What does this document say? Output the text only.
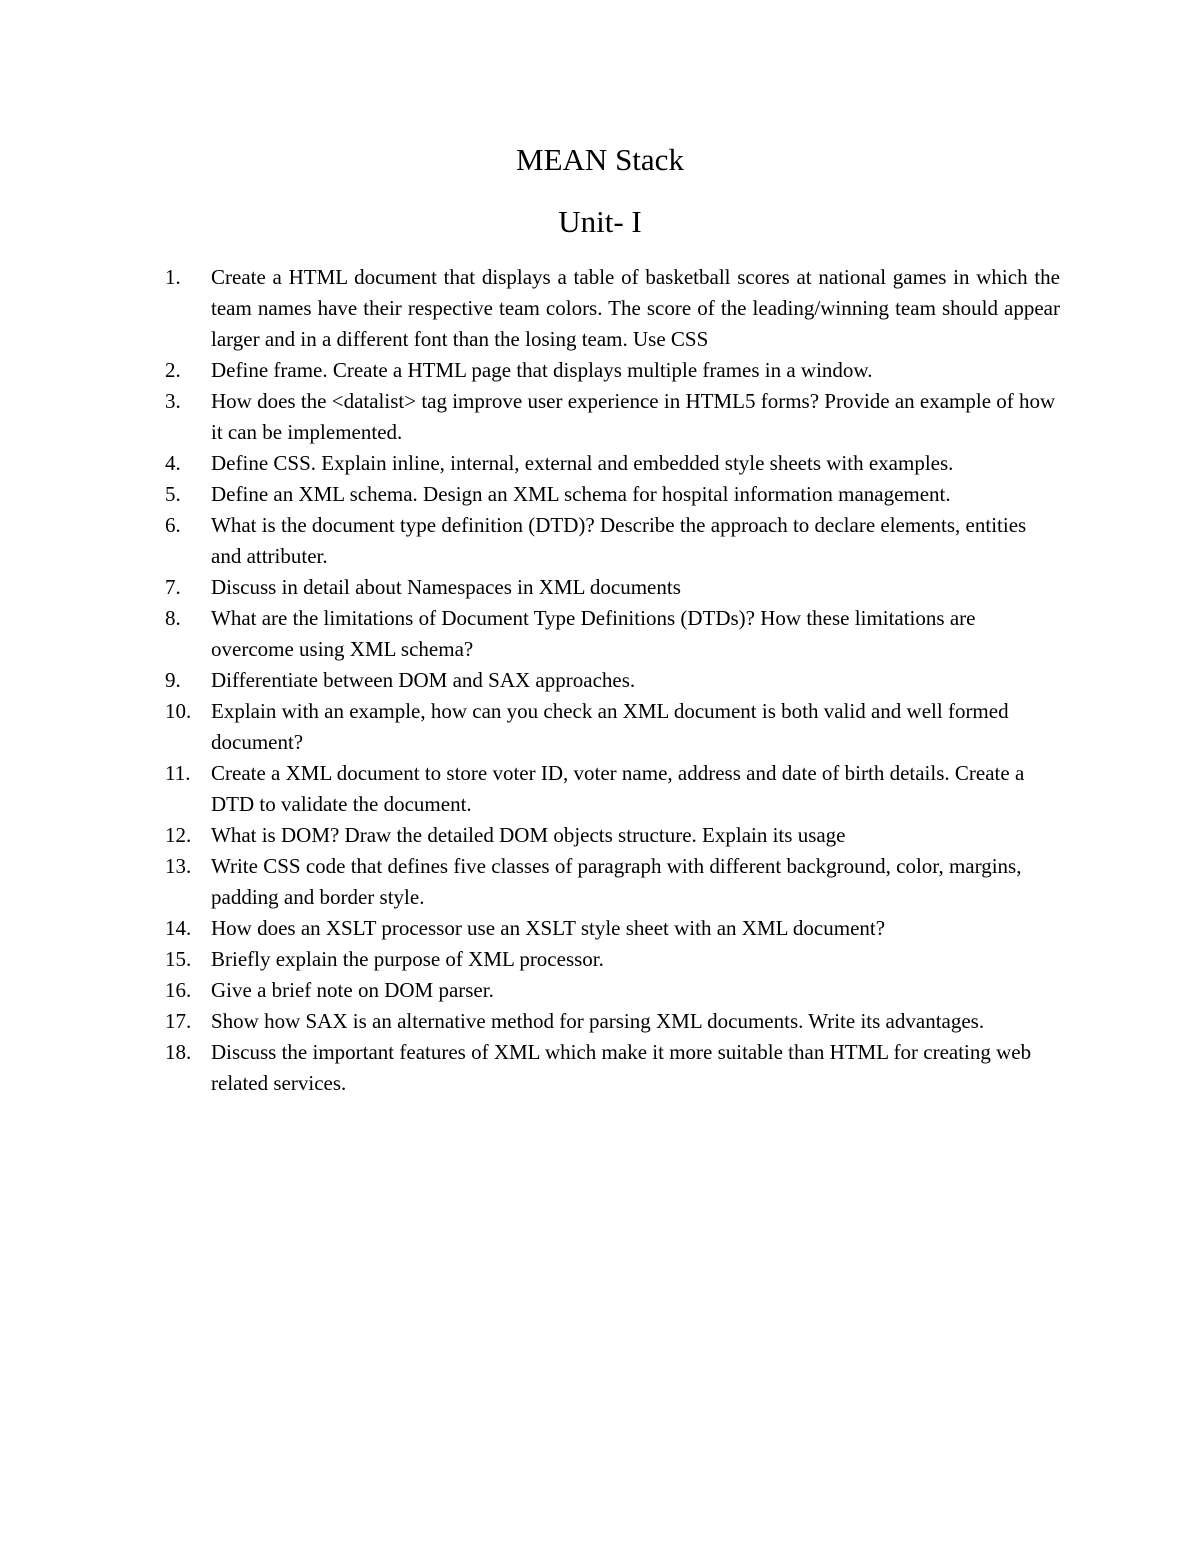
MEAN Stack
Unit- I
1.	Create a HTML document that displays a table of basketball scores at national games in which the team names have their respective team colors. The score of the leading/winning team should appear larger and in a different font than the losing team. Use CSS
2.	Define frame. Create a HTML page that displays multiple frames in a window.
3.	How does the <datalist> tag improve user experience in HTML5 forms? Provide an example of how it can be implemented.
4.	Define CSS. Explain inline, internal, external and embedded style sheets with examples.
5.	Define an XML schema. Design an XML schema for hospital information management.
6.	What is the document type definition (DTD)? Describe the approach to declare elements, entities and attributer.
7.	Discuss in detail about Namespaces in XML documents
8.	What are the limitations of Document Type Definitions (DTDs)? How these limitations are overcome using XML schema?
9.	Differentiate between DOM and SAX approaches.
10. Explain with an example, how can you check an XML document is both valid and well formed document?
11. Create a XML document to store voter ID, voter name, address and date of birth details. Create a DTD to validate the document.
12. What is DOM? Draw the detailed DOM objects structure. Explain its usage
13. Write CSS code that defines five classes of paragraph with different background, color, margins, padding and border style.
14. How does an XSLT processor use an XSLT style sheet with an XML document?
15. Briefly explain the purpose of XML processor.
16. Give a brief note on DOM parser.
17. Show how SAX is an alternative method for parsing XML documents. Write its advantages.
18. Discuss the important features of XML which make it more suitable than HTML for creating web related services.
